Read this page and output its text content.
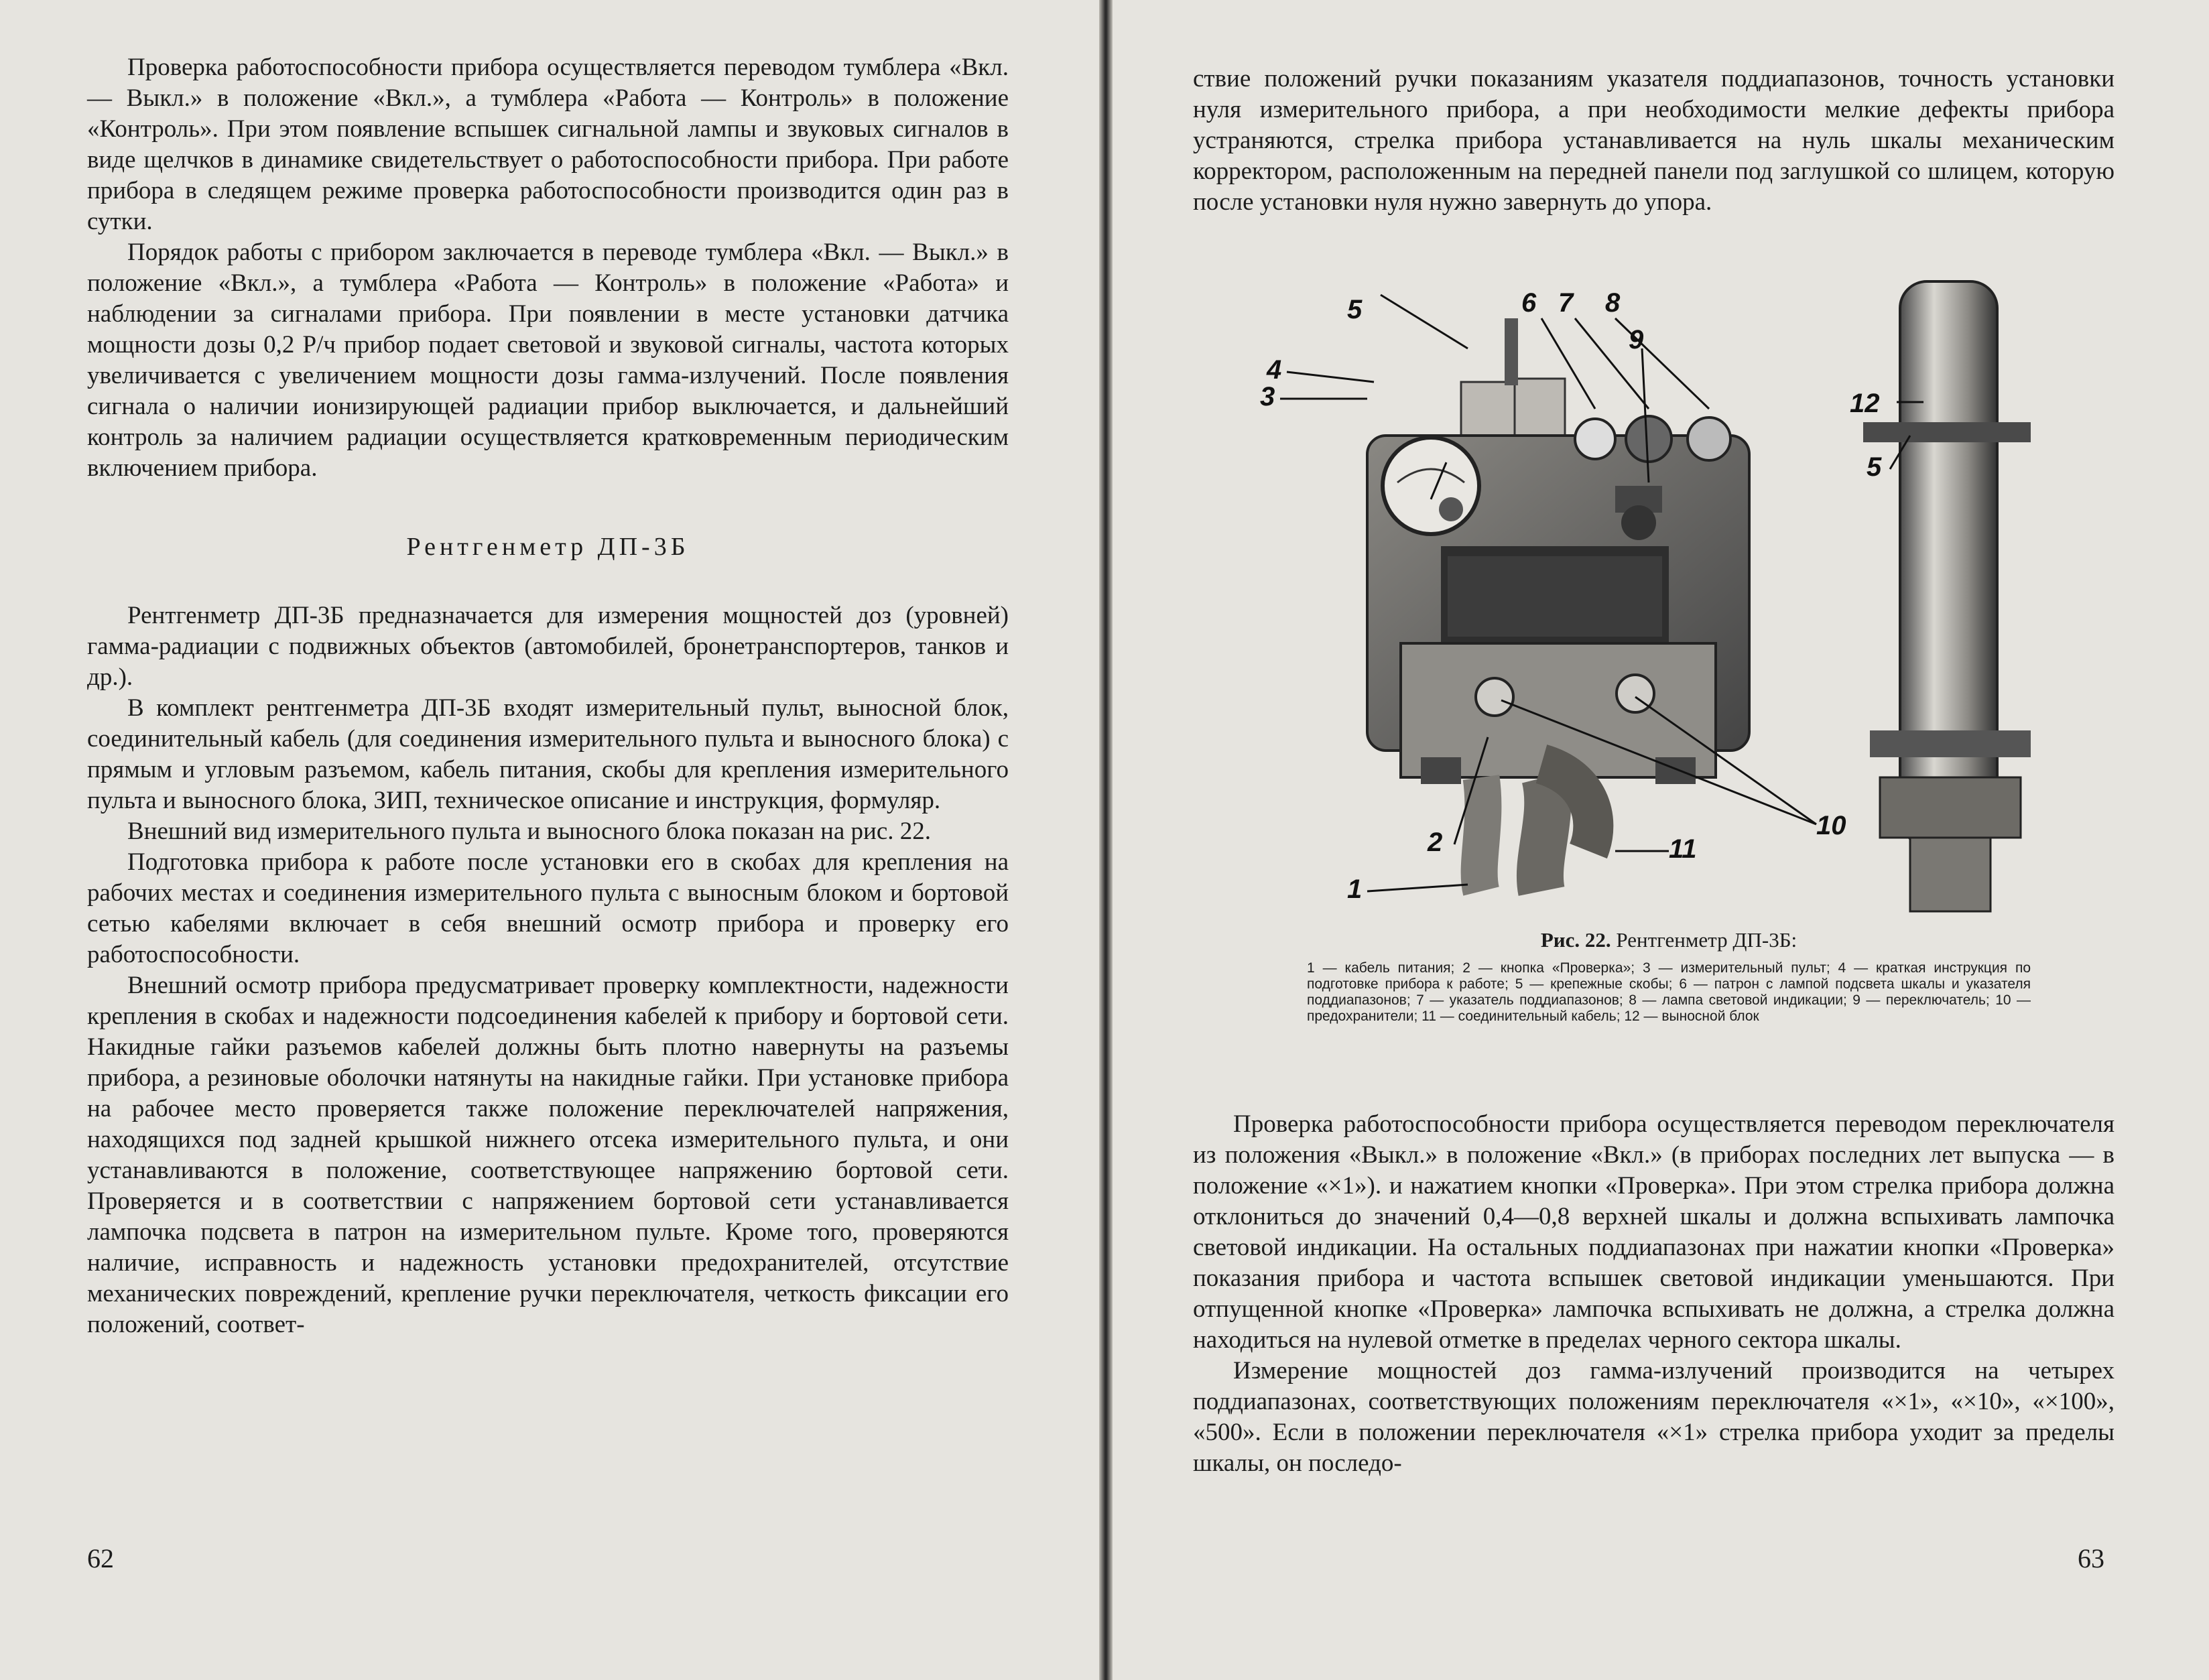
Проверка работоспособности прибора осуществляется переводом тумблера «Вкл.— Выкл.» в положение «Вкл.», а тумблера «Работа — Контроль» в положение «Контроль». При этом появление вспышек сигнальной лампы и звуковых сигналов в виде щелчков в динамике свидетельствует о работоспособности прибора. При работе прибора в следящем режиме проверка работоспособности производится один раз в сутки.

Порядок работы с прибором заключается в переводе тумблера «Вкл. — Выкл.» в положение «Вкл.», а тумблера «Работа — Контроль» в положение «Работа» и наблюдении за сигналами прибора. При появлении в месте установки датчика мощности дозы 0,2 Р/ч прибор подает световой и звуковой сигналы, частота которых увеличивается с увеличением мощности дозы гамма-излучений. После появления сигнала о наличии ионизирующей радиации прибор выключается, и дальнейший контроль за наличием радиации осуществляется кратковременным периодическим включением прибора.

Рентгенметр ДП-3Б

Рентгенметр ДП-3Б предназначается для измерения мощностей доз (уровней) гамма-радиации с подвижных объектов (автомобилей, бронетранспортеров, танков и др.).

В комплект рентгенметра ДП-3Б входят измерительный пульт, выносной блок, соединительный кабель (для соединения измерительного пульта и выносного блока) с прямым и угловым разъемом, кабель питания, скобы для крепления измерительного пульта и выносного блока, ЗИП, техническое описание и инструкция, формуляр.

Внешний вид измерительного пульта и выносного блока показан на рис. 22.

Подготовка прибора к работе после установки его в скобах для крепления на рабочих местах и соединения измерительного пульта с выносным блоком и бортовой сетью кабелями включает в себя внешний осмотр прибора и проверку его работоспособности.

Внешний осмотр прибора предусматривает проверку комплектности, надежности крепления в скобах и надежности подсоединения кабелей к прибору и бортовой сети. Накидные гайки разъемов кабелей должны быть плотно навернуты на разъемы прибора, а резиновые оболочки натянуты на накидные гайки. При установке прибора на рабочее место проверяется также положение переключателей напряжения, находящихся под задней крышкой нижнего отсека измерительного пульта, и они устанавливаются в положение, соответствующее напряжению бортовой сети. Проверяется и в соответствии с напряжением бортовой сети устанавливается лампочка подсвета в патрон на измерительном пульте. Кроме того, проверяются наличие, исправность и надежность установки предохранителей, отсутствие механических повреждений, крепление ручки переключателя, четкость фиксации его положений, соответ-

62

ствие положений ручки показаниям указателя поддиапазонов, точность установки нуля измерительного прибора, а при необходимости мелкие дефекты прибора устраняются, стрелка прибора устанавливается на нуль шкалы механическим корректором, расположенным на передней панели под заглушкой со шлицем, которую после установки нуля нужно завернуть до упора.

5	6 7 8
9
4
3
10
2	11
1
12
5

Рис. 22. Рентгенметр ДП-3Б:

1 — кабель питания; 2 — кнопка «Проверка»; 3 — измерительный пульт; 4 — краткая инструкция по подготовке прибора к работе; 5 — крепежные скобы; 6 — патрон с лампой подсвета шкалы и указателя поддиапазонов; 7 — указатель поддиапазонов; 8 — лампа световой индикации; 9 — переключатель; 10 — предохранители; 11 — соединительный кабель; 12 — выносной блок

Проверка работоспособности прибора осуществляется переводом переключателя из положения «Выкл.» в положение «Вкл.» (в приборах последних лет выпуска — в положение «×1»). и нажатием кнопки «Проверка». При этом стрелка прибора должна отклониться до значений 0,4—0,8 верхней шкалы и должна вспыхивать лампочка световой индикации. На остальных поддиапазонах при нажатии кнопки «Проверка» показания прибора и частота вспышек световой индикации уменьшаются. При отпущенной кнопке «Проверка» лампочка вспыхивать не должна, а стрелка должна находиться на нулевой отметке в пределах черного сектора шкалы.

Измерение мощностей доз гамма-излучений производится на четырех поддиапазонах, соответствующих положениям переключателя «×1», «×10», «×100», «500». Если в положении переключателя «×1» стрелка прибора уходит за пределы шкалы, он последо-

63
